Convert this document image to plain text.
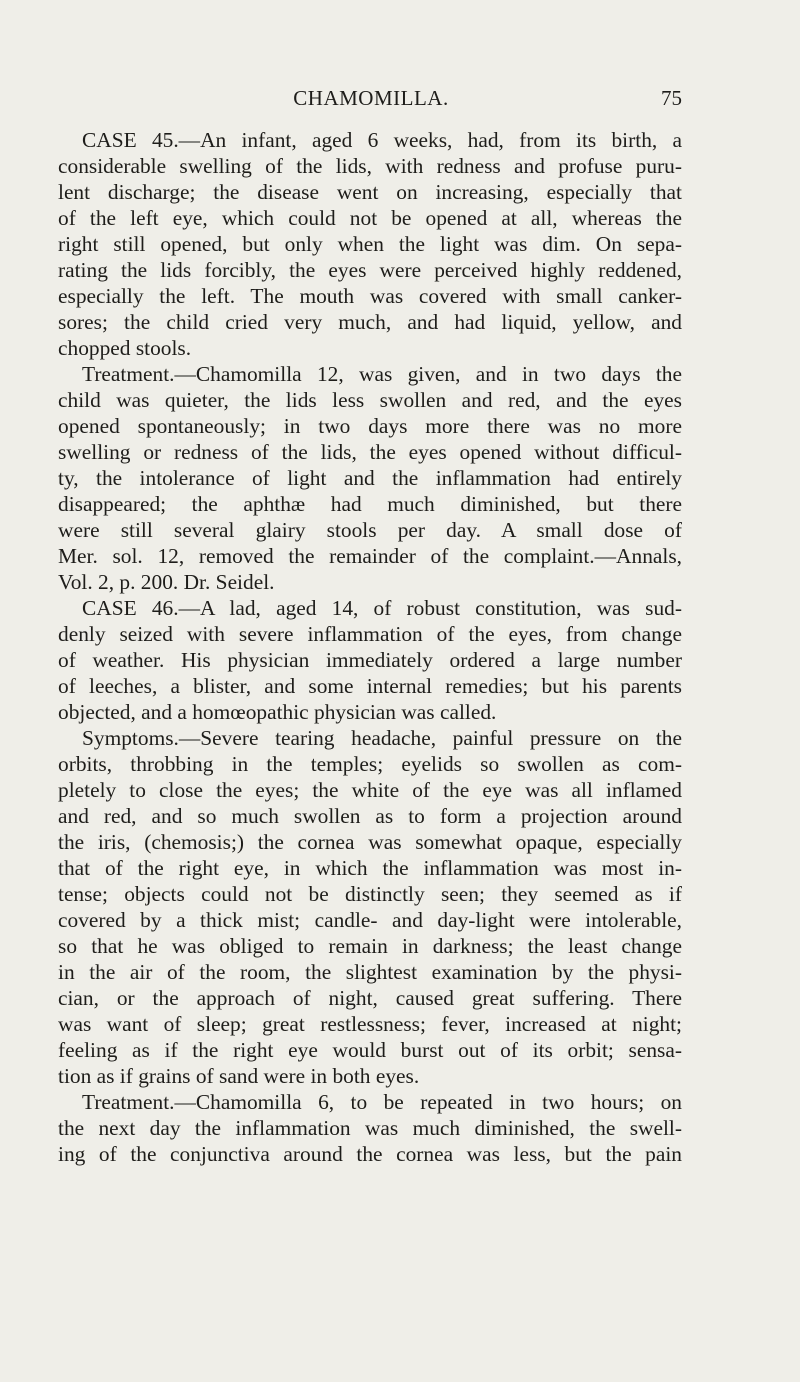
CHAMOMILLA.	75
CASE 45.—An infant, aged 6 weeks, had, from its birth, a
considerable swelling of the lids, with redness and profuse puru-
lent discharge; the disease went on increasing, especially that
of the left eye, which could not be opened at all, whereas the
right still opened, but only when the light was dim. On sepa-
rating the lids forcibly, the eyes were perceived highly reddened,
especially the left. The mouth was covered with small canker-
sores; the child cried very much, and had liquid, yellow, and
chopped stools.
Treatment.—Chamomilla 12, was given, and in two days the
child was quieter, the lids less swollen and red, and the eyes
opened spontaneously; in two days more there was no more
swelling or redness of the lids, the eyes opened without difficul-
ty, the intolerance of light and the inflammation had entirely
disappeared; the aphthæ had much diminished, but there
were still several glairy stools per day. A small dose of
Mer. sol. 12, removed the remainder of the complaint.—Annals,
Vol. 2, p. 200. Dr. Seidel.
CASE 46.—A lad, aged 14, of robust constitution, was sud-
denly seized with severe inflammation of the eyes, from change
of weather. His physician immediately ordered a large number
of leeches, a blister, and some internal remedies; but his parents
objected, and a homœopathic physician was called.
Symptoms.—Severe tearing headache, painful pressure on the
orbits, throbbing in the temples; eyelids so swollen as com-
pletely to close the eyes; the white of the eye was all inflamed
and red, and so much swollen as to form a projection around
the iris, (chemosis;) the cornea was somewhat opaque, especially
that of the right eye, in which the inflammation was most in-
tense; objects could not be distinctly seen; they seemed as if
covered by a thick mist; candle- and day-light were intolerable,
so that he was obliged to remain in darkness; the least change
in the air of the room, the slightest examination by the physi-
cian, or the approach of night, caused great suffering. There
was want of sleep; great restlessness; fever, increased at night;
feeling as if the right eye would burst out of its orbit; sensa-
tion as if grains of sand were in both eyes.
Treatment.—Chamomilla 6, to be repeated in two hours; on
the next day the inflammation was much diminished, the swell-
ing of the conjunctiva around the cornea was less, but the pain
